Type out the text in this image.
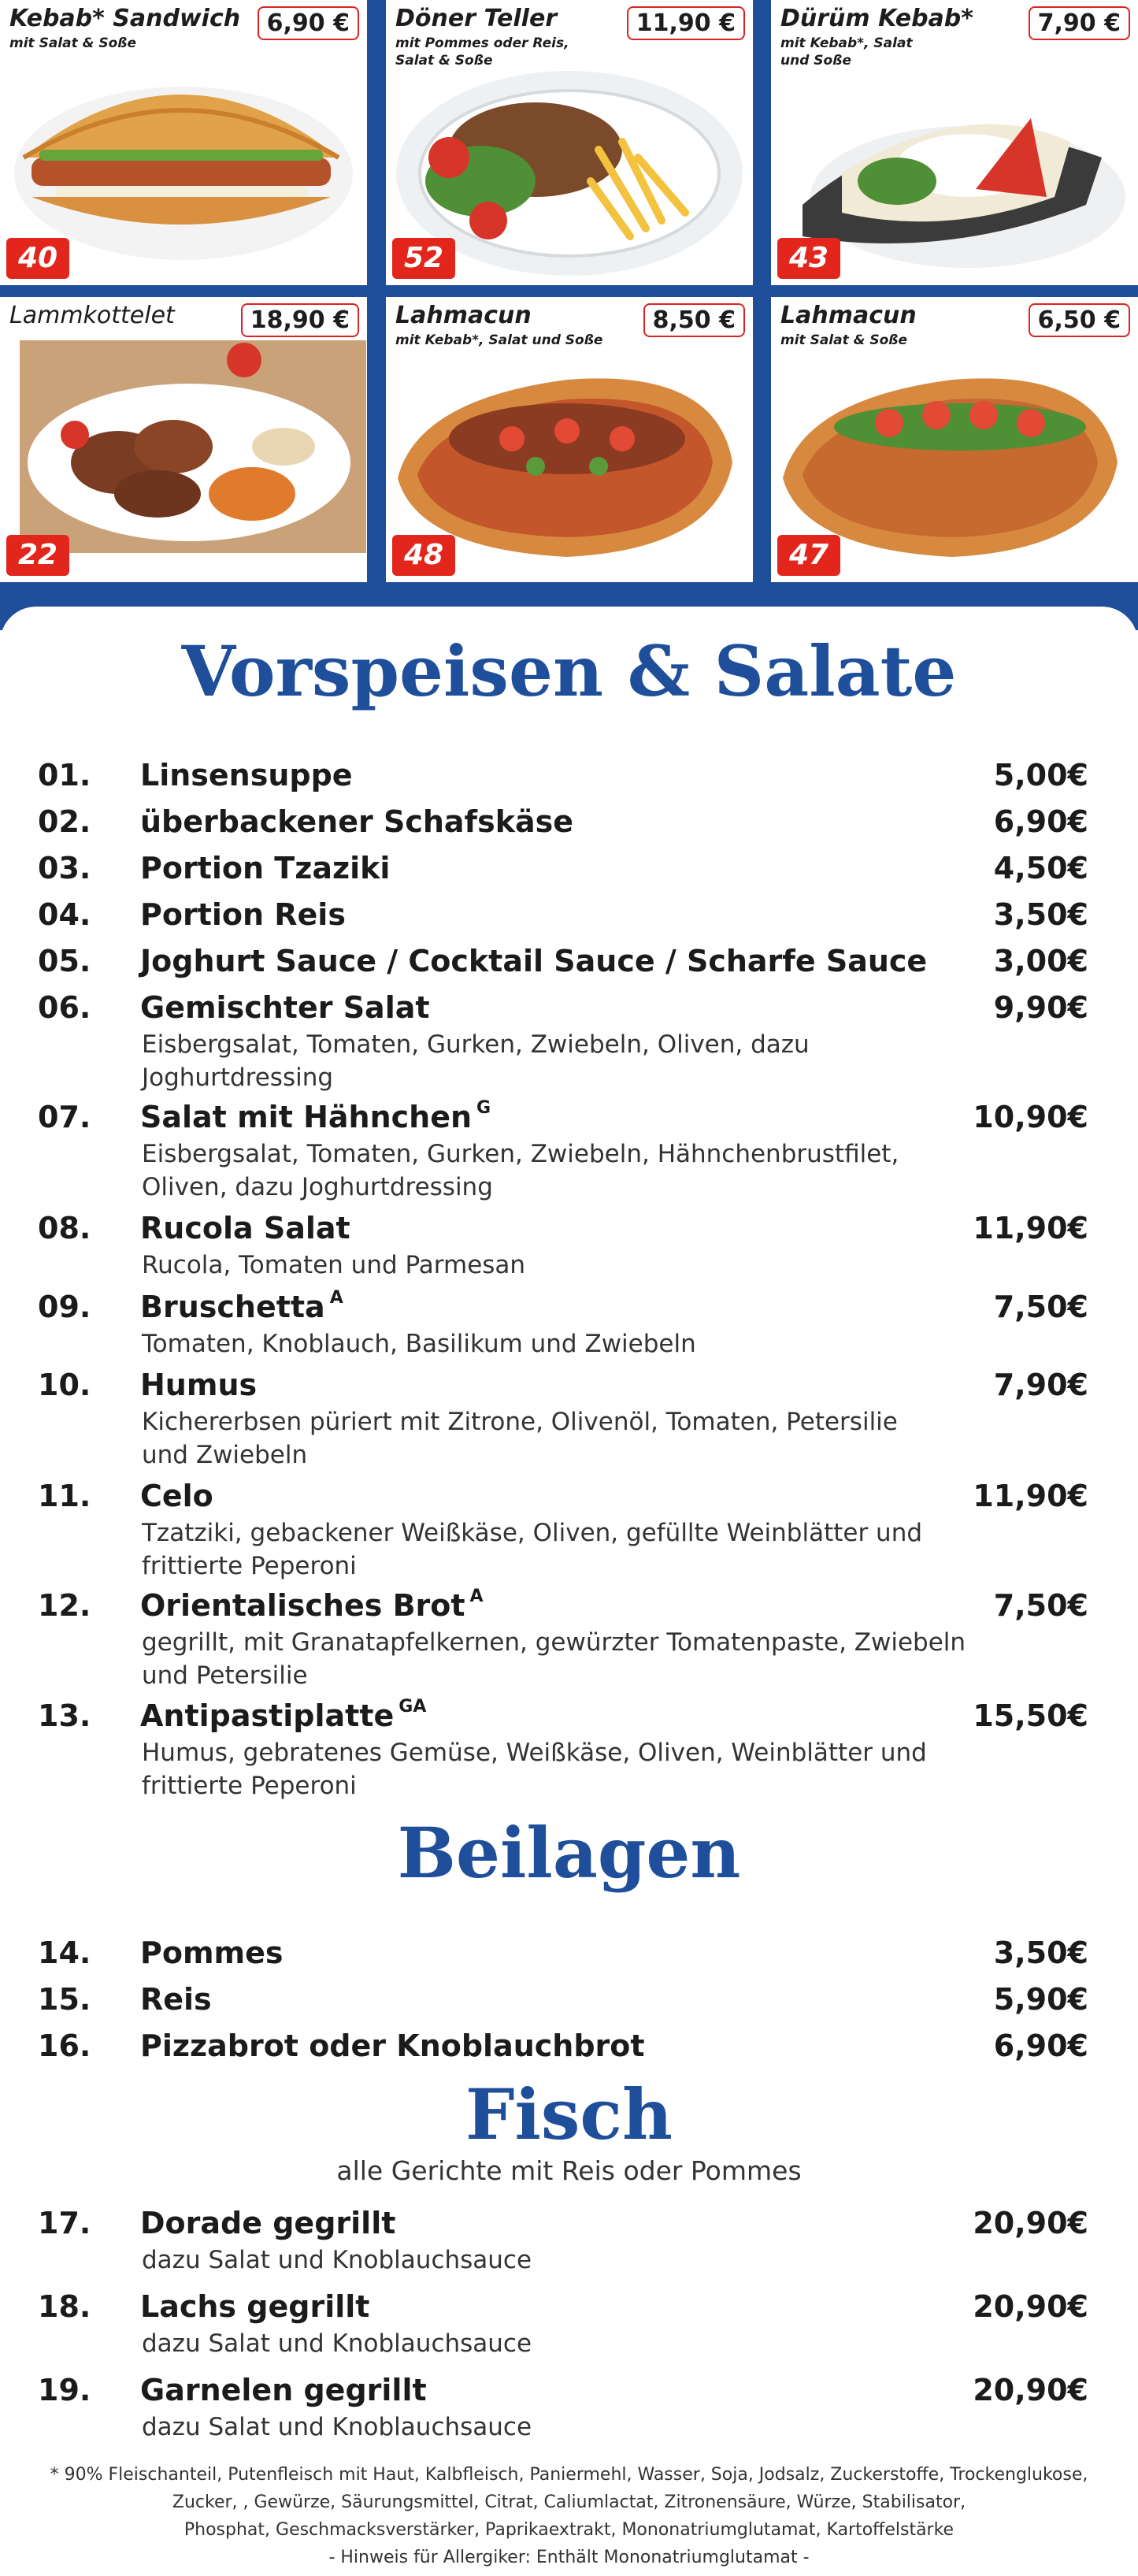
Kebab* Sandwich
mit Salat & Soße
6,90 €
40
Döner Teller
mit Pommes oder Reis, Salat & Soße
11,90 €
52
Dürüm Kebab*
mit Kebab*, Salat und Soße
7,90 €
43
Lammkottelet	18,90 €
22
Lahmacun
mit Kebab*, Salat und Soße
8,50 €
48
Lahmacun
mit Salat & Soße
6,50 €
47
Vorspeisen & Salate
01. Linsensuppe	5,00€
02. überbackener Schafskäse	6,90€
03. Portion Tzaziki	4,50€
04. Portion Reis	3,50€
05. Joghurt Sauce / Cocktail Sauce / Scharfe Sauce 3,00€
06. Gemischter Salat	9,90€
Eisbergsalat, Tomaten, Gurken, Zwiebeln, Oliven, dazu Joghurtdressing
07. Salat mit Hähnchen $^G$	10,90€
Eisbergsalat, Tomaten, Gurken, Zwiebeln, Hähnchenbrustfilet, Oliven, dazu Joghurtdressing
08. Rucola Salat	11,90€
Rucola, Tomaten und Parmesan
09. Bruschetta $^A$	7,50€
Tomaten, Knoblauch, Basilikum und Zwiebeln
10. Humus	7,90€
Kichererbsen püriert mit Zitrone, Olivenöl, Tomaten, Petersilie und Zwiebeln
11. Celo	11,90€
Tzatziki, gebackener Weißkäse, Oliven, gefüllte Weinblätter und frittierte Peperoni
12. Orientalisches Brot $^A$	7,50€
gegrillt, mit Granatapfelkernen, gewürzter Tomatenpaste, Zwiebeln und Petersilie
13. Antipastiplatte $^{GA}$	15,50€
Humus, gebratenes Gemüse, Weißkäse, Oliven, Weinblätter und frittierte Peperoni
Beilagen
14. Pommes	3,50€
15. Reis	5,90€
16. Pizzabrot oder Knoblauchbrot	6,90€
Fisch
alle Gerichte mit Reis oder Pommes
17. Dorade gegrillt	20,90€
dazu Salat und Knoblauchsauce
18. Lachs gegrillt	20,90€
dazu Salat und Knoblauchsauce
19. Garnelen gegrillt	20,90€
dazu Salat und Knoblauchsauce
* 90% Fleischanteil, Putenfleisch mit Haut, Kalbfleisch, Paniermehl, Wasser, Soja, Jodsalz, Zuckerstoffe, Trockenglukose,
Zucker, , Gewürze, Säurungsmittel, Citrat, Caliumlactat, Zitronensäure, Würze, Stabilisator,
Phosphat, Geschmacksverstärker, Paprikaextrakt, Mononatriumglutamat, Kartoffelstärke
- Hinweis für Allergiker: Enthält Mononatriumglutamat -
